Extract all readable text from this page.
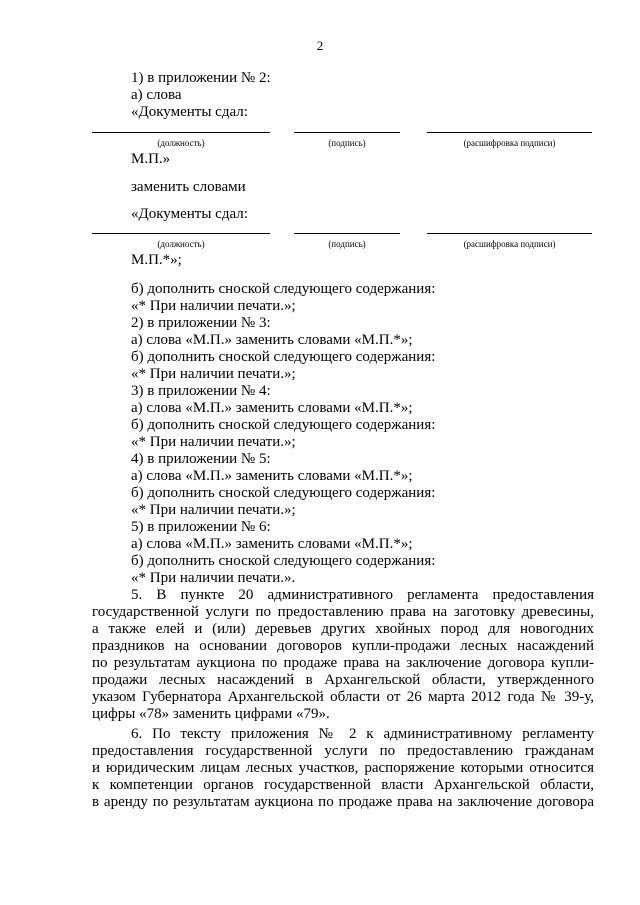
2
1) в приложении № 2:
а) слова
«Документы сдал:
(должность)	(подпись)	(расшифровка подписи)
М.П.»
заменить словами
«Документы сдал:
(должность)	(подпись)	(расшифровка подписи)
М.П.*»;
б) дополнить сноской следующего содержания:
«* При наличии печати.»;
2) в приложении № 3:
а) слова «М.П.» заменить словами «М.П.*»;
б) дополнить сноской следующего содержания:
«* При наличии печати.»;
3) в приложении № 4:
а) слова «М.П.» заменить словами «М.П.*»;
б) дополнить сноской следующего содержания:
«* При наличии печати.»;
4) в приложении № 5:
а) слова «М.П.» заменить словами «М.П.*»;
б) дополнить сноской следующего содержания:
«* При наличии печати.»;
5) в приложении № 6:
а) слова «М.П.» заменить словами «М.П.*»;
б) дополнить сноской следующего содержания:
«* При наличии печати.».
5. В пункте 20 административного регламента предоставления
государственной услуги по предоставлению права на заготовку древесины,
а также елей и (или) деревьев других хвойных пород для новогодних
праздников на основании договоров купли-продажи лесных насаждений
по результатам аукциона по продаже права на заключение договора купли-
продажи лесных насаждений в Архангельской области, утвержденного
указом Губернатора Архангельской области от 26 марта 2012 года № 39-у,
цифры «78» заменить цифрами «79».
6. По тексту приложения № 2 к административному регламенту
предоставления государственной услуги по предоставлению гражданам
и юридическим лицам лесных участков, распоряжение которыми относится
к компетенции органов государственной власти Архангельской области,
в аренду по результатам аукциона по продаже права на заключение договора
